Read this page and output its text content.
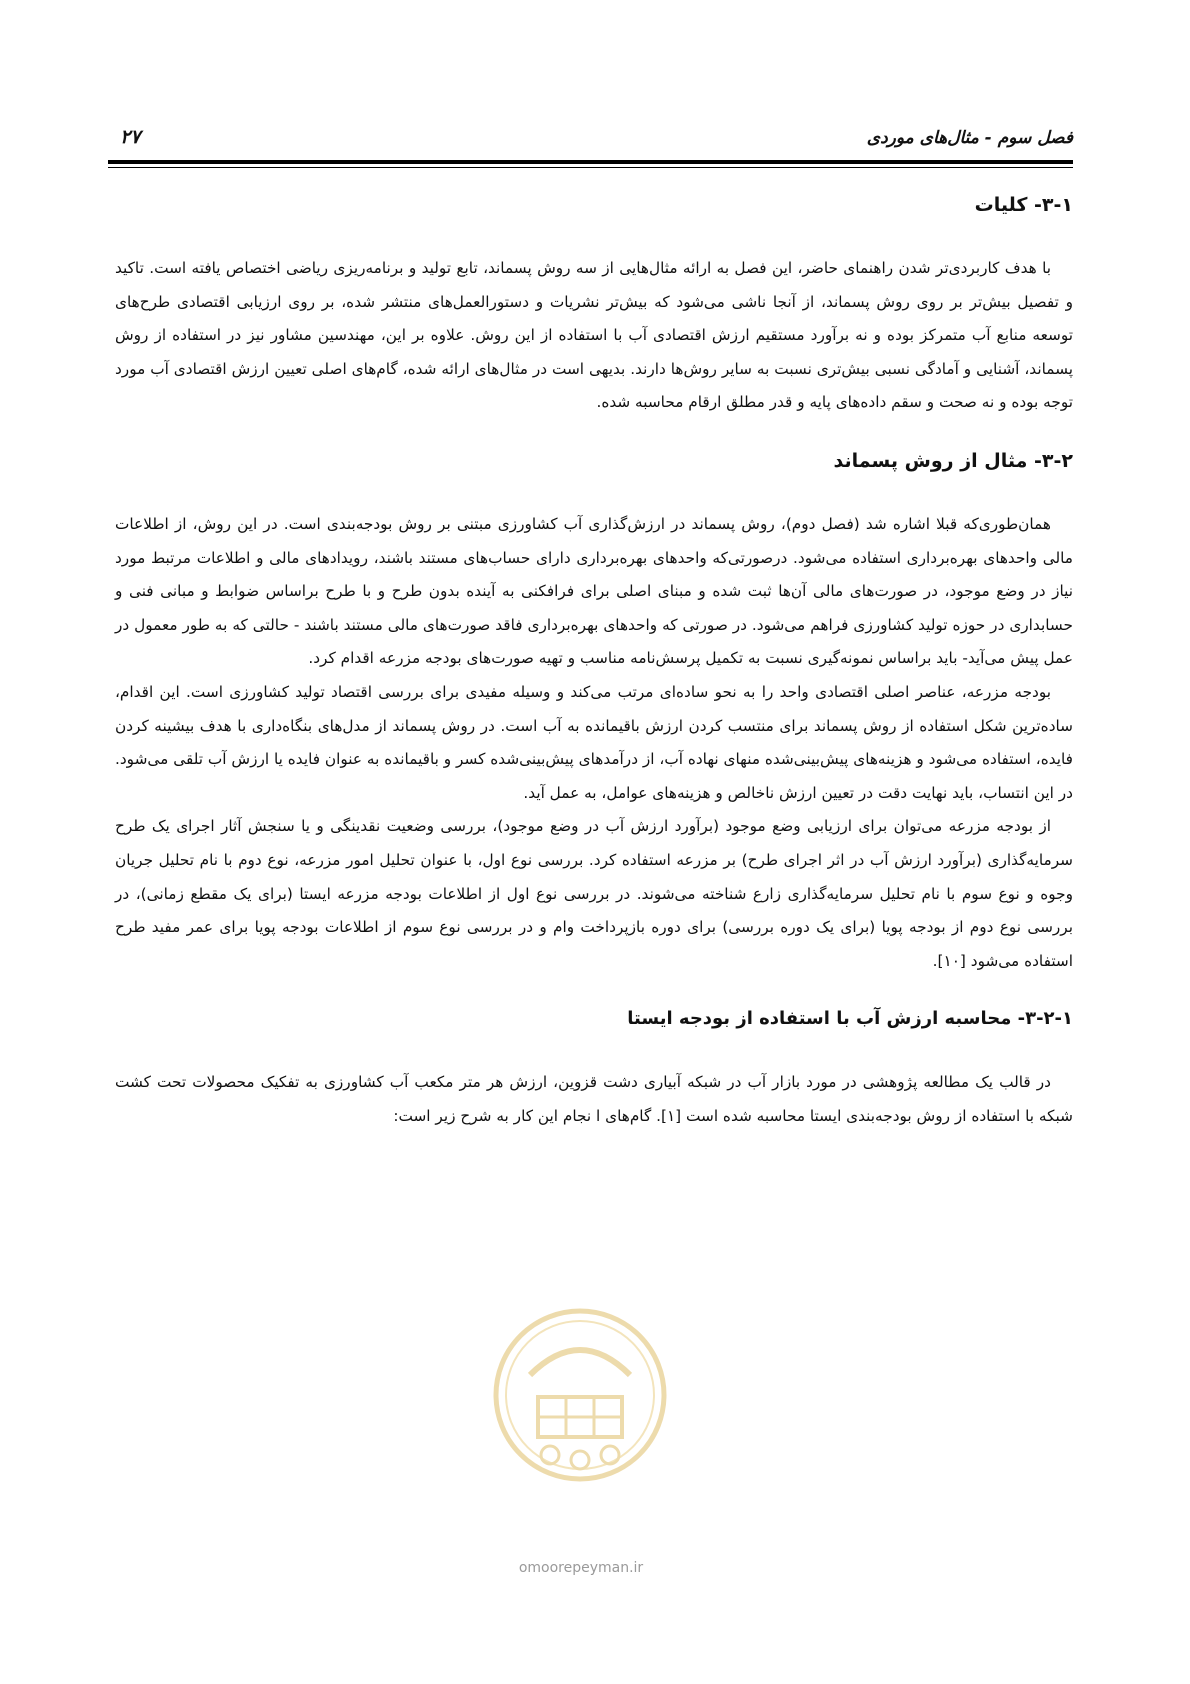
فصل سوم - مثال‌های موردی
۲۷
۳-۱- کلیات

با هدف کاربردی‌تر شدن راهنمای حاضر، این فصل به ارائه مثال‌هایی از سه روش پسماند، تابع تولید و برنامه‌ریزی ریاضی اختصاص یافته است. تاکید و تفصیل بیش‌تر بر روی روش پسماند، از آنجا ناشی می‌شود که بیش‌تر نشریات و دستورالعمل‌های منتشر شده، بر روی ارزیابی اقتصادی طرح‌های توسعه منابع آب متمرکز بوده و نه برآورد مستقیم ارزش اقتصادی آب با استفاده از این روش. علاوه بر این، مهندسین مشاور نیز در استفاده از روش پسماند، آشنایی و آمادگی نسبی بیش‌تری نسبت به سایر روش‌ها دارند. بدیهی است در مثال‌های ارائه شده، گام‌های اصلی تعیین ارزش اقتصادی آب مورد توجه بوده و نه صحت و سقم داده‌های پایه و قدر مطلق ارقام محاسبه شده.

۳-۲- مثال از روش پسماند

همان‌طوری‌که قبلا اشاره شد (فصل دوم)، روش پسماند در ارزش‌گذاری آب کشاورزی مبتنی بر روش بودجه‌بندی است. در این روش، از اطلاعات مالی واحدهای بهره‌برداری استفاده می‌شود. درصورتی‌که واحدهای بهره‌برداری دارای حساب‌های مستند باشند، رویدادهای مالی و اطلاعات مرتبط مورد نیاز در وضع موجود، در صورت‌های مالی آن‌ها ثبت شده و مبنای اصلی برای فرافکنی به آینده بدون طرح و با طرح براساس ضوابط و مبانی فنی و حسابداری در حوزه تولید کشاورزی فراهم می‌شود. در صورتی که واحدهای بهره‌برداری فاقد صورت‌های مالی مستند باشند - حالتی که به طور معمول در عمل پیش می‌آید- باید براساس نمونه‌گیری نسبت به تکمیل پرسش‌نامه مناسب و تهیه صورت‌های بودجه مزرعه اقدام کرد.

بودجه مزرعه، عناصر اصلی اقتصادی واحد را به نحو ساده‌ای مرتب می‌کند و وسیله مفیدی برای بررسی اقتصاد تولید کشاورزی است. این اقدام، ساده‌ترین شکل استفاده از روش پسماند برای منتسب کردن ارزش باقیمانده به آب است. در روش پسماند از مدل‌های بنگاه‌داری با هدف بیشینه کردن فایده، استفاده می‌شود و هزینه‌های پیش‌بینی‌شده منهای نهاده آب، از درآمدهای پیش‌بینی‌شده کسر و باقیمانده به عنوان فایده یا ارزش آب تلقی می‌شود. در این انتساب، باید نهایت دقت در تعیین ارزش ناخالص و هزینه‌های عوامل، به عمل آید.

از بودجه مزرعه می‌توان برای ارزیابی وضع موجود (برآورد ارزش آب در وضع موجود)، بررسی وضعیت نقدینگی و یا سنجش آثار اجرای یک طرح سرمایه‌گذاری (برآورد ارزش آب در اثر اجرای طرح) بر مزرعه استفاده کرد. بررسی نوع اول، با عنوان تحلیل امور مزرعه، نوع دوم با نام تحلیل جریان وجوه و نوع سوم با نام تحلیل سرمایه‌گذاری زارع شناخته می‌شوند. در بررسی نوع اول از اطلاعات بودجه مزرعه ایستا (برای یک مقطع زمانی)، در بررسی نوع دوم از بودجه پویا (برای یک دوره بررسی) برای دوره بازپرداخت وام و در بررسی نوع سوم از اطلاعات بودجه پویا برای عمر مفید طرح استفاده می‌شود [۱۰].

۳-۲-۱- محاسبه ارزش آب با استفاده از بودجه ایستا

در قالب یک مطالعه پژوهشی در مورد بازار آب در شبکه آبیاری دشت قزوین، ارزش هر متر مکعب آب کشاورزی به تفکیک محصولات تحت کشت شبکه با استفاده از روش بودجه‌بندی ایستا محاسبه شده است [۱]. گام‌های ا نجام این کار به شرح زیر است:

omoorepeyman.ir
